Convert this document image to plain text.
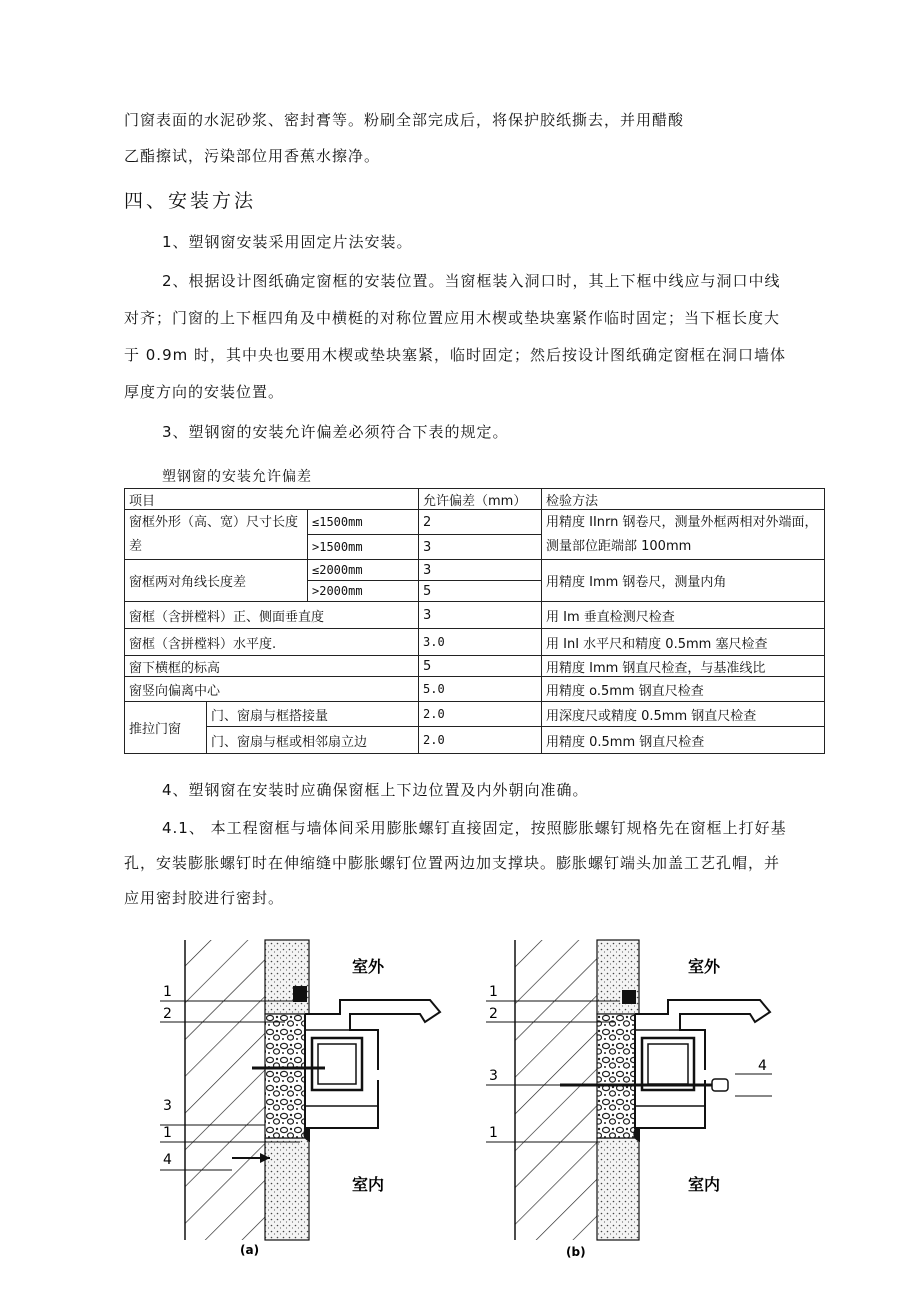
门窗表面的水泥砂浆、密封膏等。粉刷全部完成后，将保护胶纸撕去，并用醋酸
乙酯擦试，污染部位用香蕉水擦净。
四、安装方法
1、塑钢窗安装采用固定片法安装。
2、根据设计图纸确定窗框的安装位置。当窗框装入洞口时，其上下框中线应与洞口中线
对齐；门窗的上下框四角及中横梃的对称位置应用木楔或垫块塞紧作临时固定；当下框长度大
于 0.9m 时，其中央也要用木楔或垫块塞紧，临时固定；然后按设计图纸确定窗框在洞口墙体
厚度方向的安装位置。
3、塑钢窗的安装允许偏差必须符合下表的规定。
塑钢窗的安装允许偏差
项目			允许偏差（mm）	检验方法
窗框外形（高、宽）尺寸长度差		≤1500mm	2	用精度 IInrn 钢卷尺，测量外框两相对外端面，测量部位距端部 100mm
		>1500mm	3	
窗框两对角线长度差		≤2000mm	3	用精度 Imm 钢卷尺，测量内角
		>2000mm	5	
窗框（含拼樘料）正、侧面垂直度			3	用 Im 垂直检测尺检查
窗框（含拼樘料）水平度.			3.0	用 InI 水平尺和精度 0.5mm 塞尺检查
窗下横框的标高			5	用精度 Imm 钢直尺检查，与基准线比
窗竖向偏离中心			5.0	用精度 o.5mm 钢直尺检查
推拉门窗	门、窗扇与框搭接量		2.0	用深度尺或精度 0.5mm 钢直尺检查
	门、窗扇与框或相邻扇立边		2.0	用精度 0.5mm 钢直尺检查
4、塑钢窗在安装时应确保窗框上下边位置及内外朝向准确。
4.1、 本工程窗框与墙体间采用膨胀螺钉直接固定，按照膨胀螺钉规格先在窗框上打好基
孔，安装膨胀螺钉时在伸缩缝中膨胀螺钉位置两边加支撑块。膨胀螺钉端头加盖工艺孔帽，并
应用密封胶进行密封。
1
2
3
1
4
室外
室内
(a)
1
2
3
1
4
室外
室内
(b)
